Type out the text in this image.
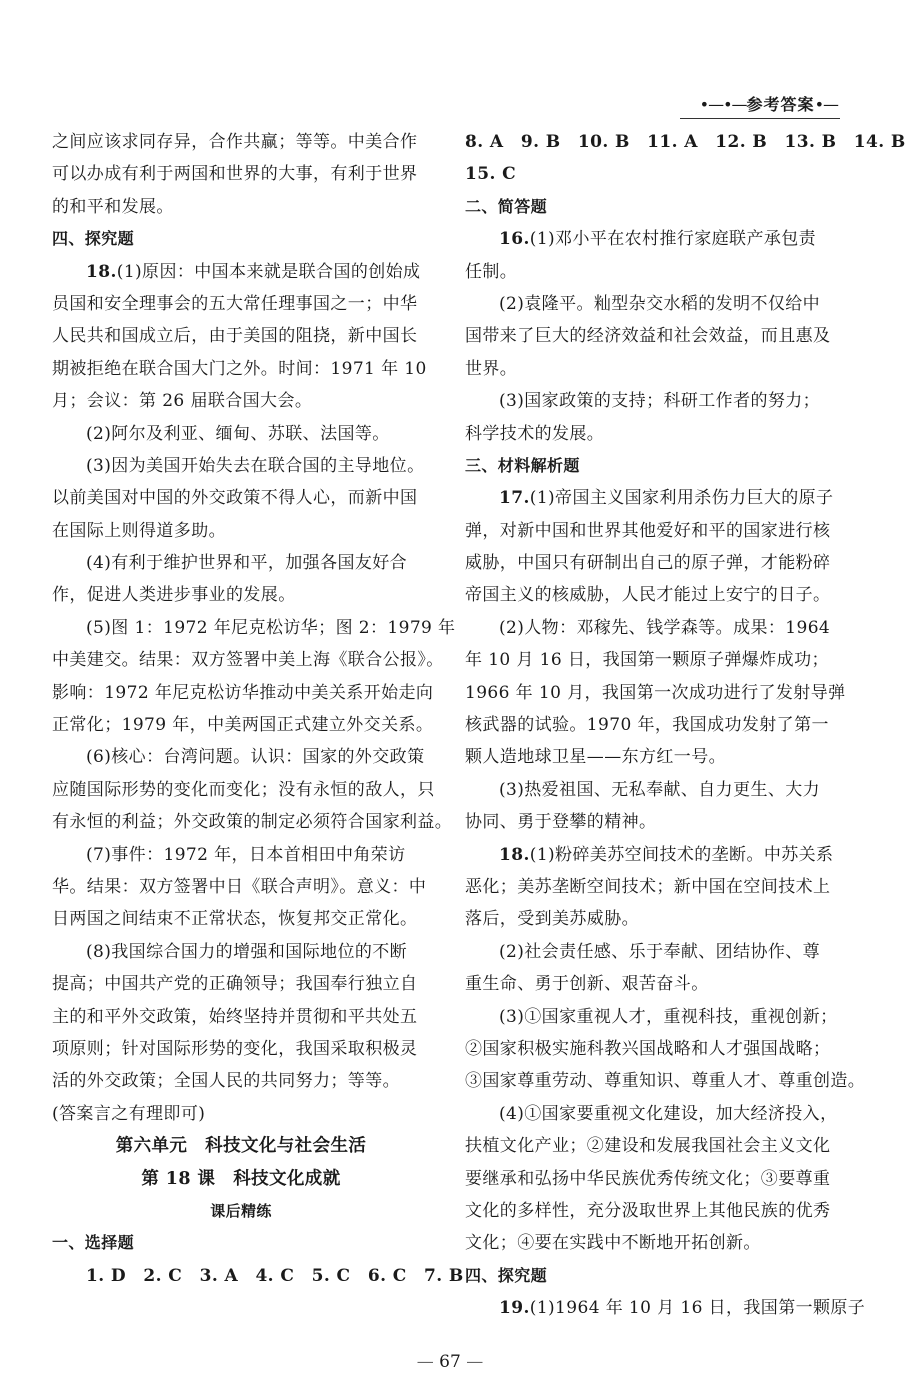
•—•—参考答案•—
之间应该求同存异，合作共赢；等等。中美合作
可以办成有利于两国和世界的大事，有利于世界
的和平和发展。
四、探究题
18.(1)原因：中国本来就是联合国的创始成
员国和安全理事会的五大常任理事国之一；中华
人民共和国成立后，由于美国的阻挠，新中国长
期被拒绝在联合国大门之外。时间：1971 年 10
月；会议：第 26 届联合国大会。
(2)阿尔及利亚、缅甸、苏联、法国等。
(3)因为美国开始失去在联合国的主导地位。
以前美国对中国的外交政策不得人心，而新中国
在国际上则得道多助。
(4)有利于维护世界和平，加强各国友好合
作，促进人类进步事业的发展。
(5)图 1：1972 年尼克松访华；图 2：1979 年
中美建交。结果：双方签署中美上海《联合公报》。
影响：1972 年尼克松访华推动中美关系开始走向
正常化；1979 年，中美两国正式建立外交关系。
(6)核心：台湾问题。认识：国家的外交政策
应随国际形势的变化而变化；没有永恒的敌人，只
有永恒的利益；外交政策的制定必须符合国家利益。
(7)事件：1972 年，日本首相田中角荣访
华。结果：双方签署中日《联合声明》。意义：中
日两国之间结束不正常状态，恢复邦交正常化。
(8)我国综合国力的增强和国际地位的不断
提高；中国共产党的正确领导；我国奉行独立自
主的和平外交政策，始终坚持并贯彻和平共处五
项原则；针对国际形势的变化，我国采取积极灵
活的外交政策；全国人民的共同努力；等等。
(答案言之有理即可)
第六单元　科技文化与社会生活
第 18 课　科技文化成就
课后精练
一、选择题
1. D　2. C　3. A　4. C　5. C　6. C　7. B
8. A　9. B　10. B　11. A　12. B　13. B　14. B
15. C
二、简答题
16.(1)邓小平在农村推行家庭联产承包责
任制。
(2)袁隆平。籼型杂交水稻的发明不仅给中
国带来了巨大的经济效益和社会效益，而且惠及
世界。
(3)国家政策的支持；科研工作者的努力；
科学技术的发展。
三、材料解析题
17.(1)帝国主义国家利用杀伤力巨大的原子
弹，对新中国和世界其他爱好和平的国家进行核
威胁，中国只有研制出自己的原子弹，才能粉碎
帝国主义的核威胁，人民才能过上安宁的日子。
(2)人物：邓稼先、钱学森等。成果：1964
年 10 月 16 日，我国第一颗原子弹爆炸成功；
1966 年 10 月，我国第一次成功进行了发射导弹
核武器的试验。1970 年，我国成功发射了第一
颗人造地球卫星——东方红一号。
(3)热爱祖国、无私奉献、自力更生、大力
协同、勇于登攀的精神。
18.(1)粉碎美苏空间技术的垄断。中苏关系
恶化；美苏垄断空间技术；新中国在空间技术上
落后，受到美苏威胁。
(2)社会责任感、乐于奉献、团结协作、尊
重生命、勇于创新、艰苦奋斗。
(3)①国家重视人才，重视科技，重视创新；
②国家积极实施科教兴国战略和人才强国战略；
③国家尊重劳动、尊重知识、尊重人才、尊重创造。
(4)①国家要重视文化建设，加大经济投入，
扶植文化产业；②建设和发展我国社会主义文化
要继承和弘扬中华民族优秀传统文化；③要尊重
文化的多样性，充分汲取世界上其他民族的优秀
文化；④要在实践中不断地开拓创新。
四、探究题
19.(1)1964 年 10 月 16 日，我国第一颗原子
— 67 —
